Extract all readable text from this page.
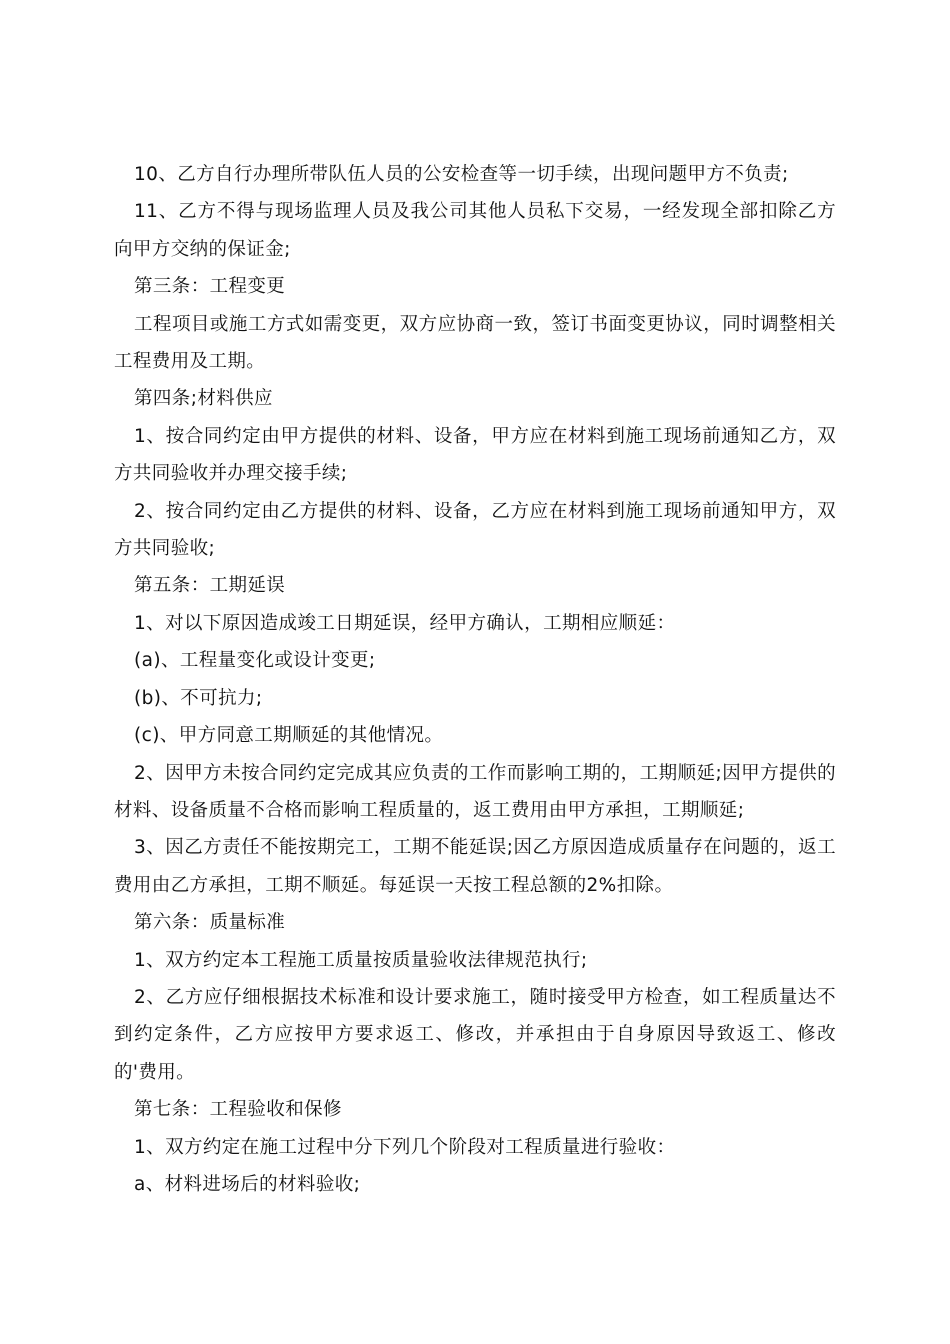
10、乙方自行办理所带队伍人员的公安检查等一切手续，出现问题甲方不负责;

11、乙方不得与现场监理人员及我公司其他人员私下交易，一经发现全部扣除乙方向甲方交纳的保证金;

第三条：工程变更

工程项目或施工方式如需变更，双方应协商一致，签订书面变更协议，同时调整相关工程费用及工期。

第四条;材料供应

1、按合同约定由甲方提供的材料、设备，甲方应在材料到施工现场前通知乙方，双方共同验收并办理交接手续;

2、按合同约定由乙方提供的材料、设备，乙方应在材料到施工现场前通知甲方，双方共同验收;

第五条：工期延误

1、对以下原因造成竣工日期延误，经甲方确认，工期相应顺延：

(a)、工程量变化或设计变更;

(b)、不可抗力;

(c)、甲方同意工期顺延的其他情况。

2、因甲方未按合同约定完成其应负责的工作而影响工期的，工期顺延;因甲方提供的材料、设备质量不合格而影响工程质量的，返工费用由甲方承担，工期顺延;

3、因乙方责任不能按期完工，工期不能延误;因乙方原因造成质量存在问题的，返工费用由乙方承担，工期不顺延。每延误一天按工程总额的2%扣除。

第六条：质量标准

1、双方约定本工程施工质量按质量验收法律规范执行;

2、乙方应仔细根据技术标准和设计要求施工，随时接受甲方检查，如工程质量达不到约定条件，乙方应按甲方要求返工、修改，并承担由于自身原因导致返工、修改的'费用。

第七条：工程验收和保修

1、双方约定在施工过程中分下列几个阶段对工程质量进行验收：

a、材料进场后的材料验收;
